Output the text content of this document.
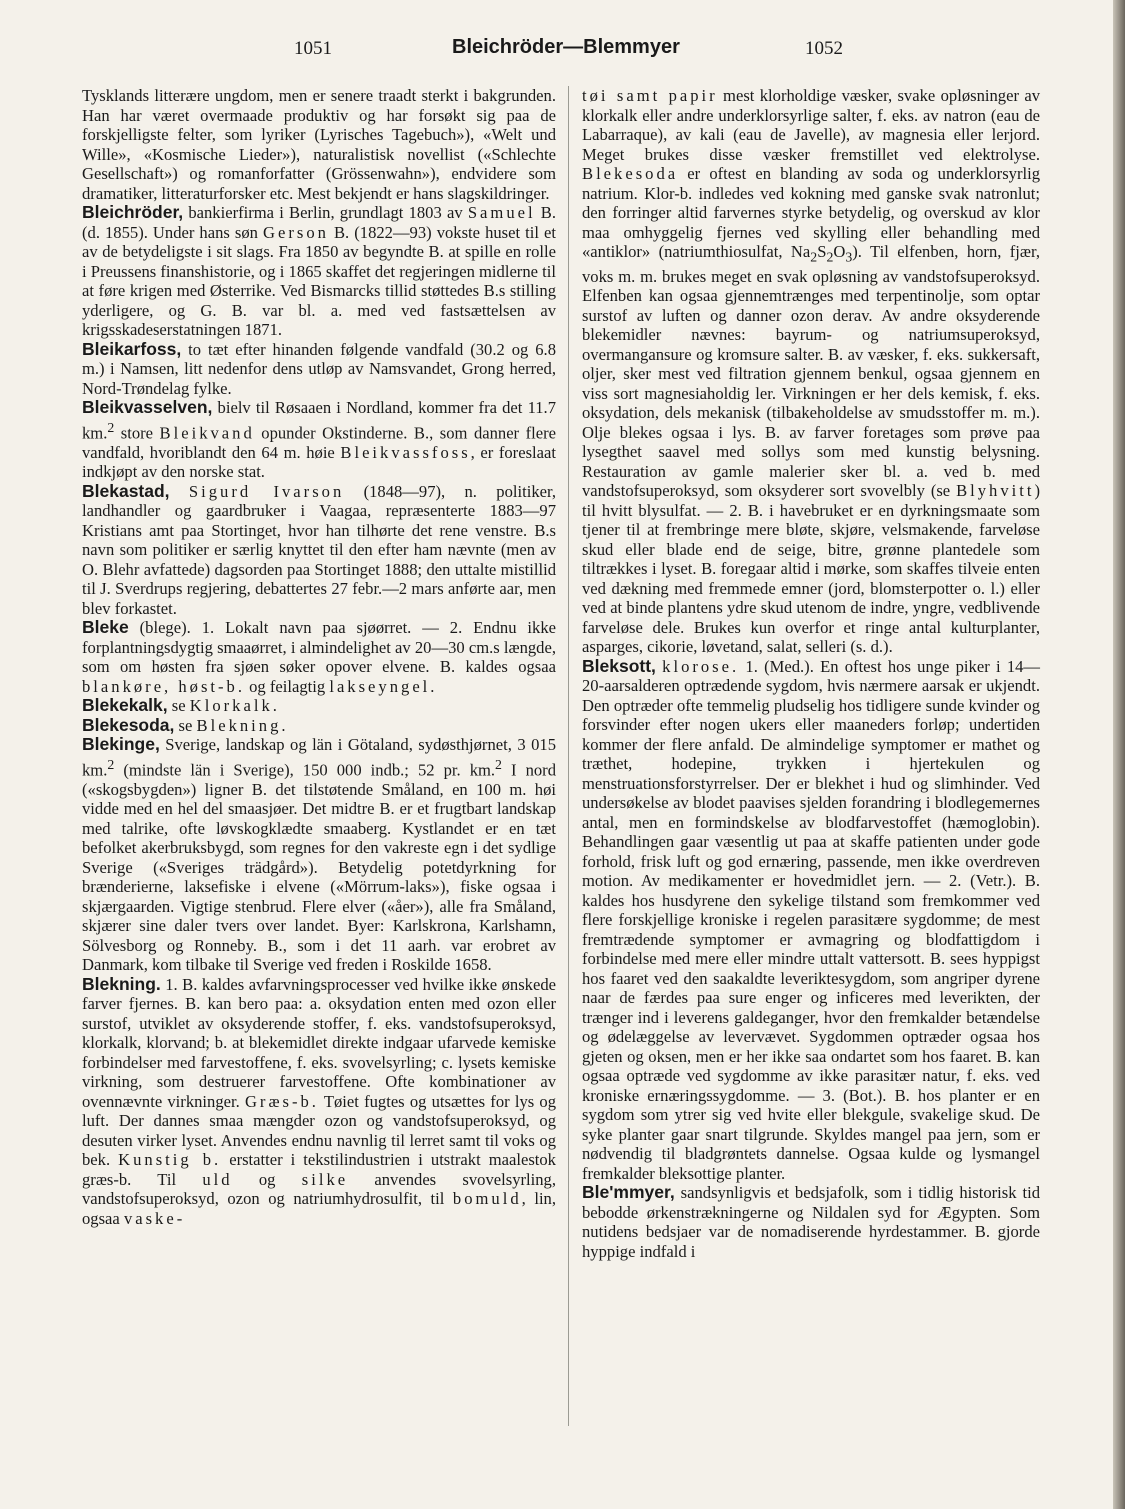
1051	Bleichröder—Blemmyer	1052

Tysklands litterære ungdom, men er senere traadt sterkt i bakgrunden. Han har været overmaade produktiv og har forsøkt sig paa de forskjelligste felter, som lyriker (Lyrisches Tagebuch»), «Welt und Wille», «Kosmische Lieder»), naturalistisk novellist («Schlechte Gesellschaft») og romanforfatter (Grössenwahn»), endvidere som dramatiker, litteraturforsker etc. Mest bekjendt er hans slagskildringer.

Bleichröder, bankierfirma i Berlin, grundlagt 1803 av Samuel B. (d. 1855). Under hans søn Gerson B. (1822—93) vokste huset til et av de betydeligste i sit slags. Fra 1850 av begyndte B. at spille en rolle i Preussens finanshistorie, og i 1865 skaffet det regjeringen midlerne til at føre krigen med Østerrike. Ved Bismarcks tillid støttedes B.s stilling yderligere, og G. B. var bl. a. med ved fastsættelsen av krigsskadeserstatningen 1871.

Bleikarfoss, to tæt efter hinanden følgende vandfald (30.2 og 6.8 m.) i Namsen, litt nedenfor dens utløp av Namsvandet, Grong herred, Nord-Trøndelag fylke.

Bleikvasselven, bielv til Røsaaen i Nordland, kommer fra det 11.7 km.$^2$ store Bleikvand opunder Okstinderne. B., som danner flere vandfald, hvoriblandt den 64 m. høie Bleikvassfoss, er foreslaat indkjøpt av den norske stat.

Blekastad, Sigurd Ivarson (1848—97), n. politiker, landhandler og gaardbruker i Vaagaa, repræsenterte 1883—97 Kristians amt paa Stortinget, hvor han tilhørte det rene venstre. B.s navn som politiker er særlig knyttet til den efter ham nævnte (men av O. Blehr avfattede) dagsorden paa Stortinget 1888; den uttalte mistillid til J. Sverdrups regjering, debattertes 27 febr.—2 mars anførte aar, men blev forkastet.

Bleke (blege). 1. Lokalt navn paa sjøørret. — 2. Endnu ikke forplantningsdygtig smaaørret, i almindelighet av 20—30 cm.s længde, som om høsten fra sjøen søker opover elvene. B. kaldes ogsaa blankøre, høst-b. og feilagtig lakseyngel.

Blekekalk, se Klorkalk.

Blekesoda, se Blekning.

Blekinge, Sverige, landskap og län i Götaland, sydøsthjørnet, 3 015 km.$^2$ (mindste län i Sverige), 150 000 indb.; 52 pr. km.$^2$ I nord («skogsbygden») ligner B. det tilstøtende Småland, en 100 m. høi vidde med en hel del smaasjøer. Det midtre B. er et frugtbart landskap med talrike, ofte løvskogklædte smaaberg. Kystlandet er en tæt befolket akerbruksbygd, som regnes for den vakreste egn i det sydlige Sverige («Sveriges trädgård»). Betydelig potetdyrkning for brænderierne, laksefiske i elvene («Mörrum-laks»), fiske ogsaa i skjærgaarden. Vigtige stenbrud. Flere elver («åer»), alle fra Småland, skjærer sine daler tvers over landet. Byer: Karlskrona, Karlshamn, Sölvesborg og Ronneby. B., som i det 11 aarh. var erobret av Danmark, kom tilbake til Sverige ved freden i Roskilde 1658.

Blekning. 1. B. kaldes avfarvningsprocesser ved hvilke ikke ønskede farver fjernes. B. kan bero paa: a. oksydation enten med ozon eller surstof, utviklet av oksyderende stoffer, f. eks. vandstofsuperoksyd, klorkalk, klorvand; b. at blekemidlet direkte indgaar ufarvede kemiske forbindelser med farvestoffene, f. eks. svovelsyrling; c. lysets kemiske virkning, som destruerer farvestoffene. Ofte kombinationer av ovennævnte virkninger. Græs-b. Tøiet fugtes og utsættes for lys og luft. Der dannes smaa mængder ozon og vandstofsuperoksyd, og desuten virker lyset. Anvendes endnu navnlig til lerret samt til voks og bek. Kunstig b. erstatter i tekstilindustrien i utstrakt maalestok græs-b. Til uld og silke anvendes svovelsyrling, vandstofsuperoksyd, ozon og natriumhydrosulfit, til bomuld, lin, ogsaa vaske-

tøi samt papir mest klorholdige væsker, svake opløsninger av klorkalk eller andre underklorsyrlige salter, f. eks. av natron (eau de Labarraque), av kali (eau de Javelle), av magnesia eller lerjord. Meget brukes disse væsker fremstillet ved elektrolyse. Blekesoda er oftest en blanding av soda og underklorsyrlig natrium. Klor-b. indledes ved kokning med ganske svak natronlut; den forringer altid farvernes styrke betydelig, og overskud av klor maa omhyggelig fjernes ved skylling eller behandling med «antiklor» (natriumthiosulfat, $Na_2S_2O_3$). Til elfenben, horn, fjær, voks m. m. brukes meget en svak opløsning av vandstofsuperoksyd. Elfenben kan ogsaa gjennemtrænges med terpentinolje, som optar surstof av luften og danner ozon derav. Av andre oksyderende blekemidler nævnes: bayrum- og natriumsuperoksyd, overmangansure og kromsure salter. B. av væsker, f. eks. sukkersaft, oljer, sker mest ved filtration gjennem benkul, ogsaa gjennem en viss sort magnesiaholdig ler. Virkningen er her dels kemisk, f. eks. oksydation, dels mekanisk (tilbakeholdelse av smudsstoffer m. m.). Olje blekes ogsaa i lys. B. av farver foretages som prøve paa lysegthet saavel med sollys som med kunstig belysning. Restauration av gamle malerier sker bl. a. ved b. med vandstofsuperoksyd, som oksyderer sort svovelbly (se Blyhvitt) til hvitt blysulfat. — 2. B. i havebruket er en dyrkningsmaate som tjener til at frembringe mere bløte, skjøre, velsmakende, farveløse skud eller blade end de seige, bitre, grønne plantedele som tiltrækkes i lyset. B. foregaar altid i mørke, som skaffes tilveie enten ved dækning med fremmede emner (jord, blomsterpotter o. l.) eller ved at binde plantens ydre skud utenom de indre, yngre, vedblivende farveløse dele. Brukes kun overfor et ringe antal kulturplanter, asparges, cikorie, løvetand, salat, selleri (s. d.).

Bleksott, klorose. 1. (Med.). En oftest hos unge piker i 14—20-aarsalderen optrædende sygdom, hvis nærmere aarsak er ukjendt. Den optræder ofte temmelig pludselig hos tidligere sunde kvinder og forsvinder efter nogen ukers eller maaneders forløp; undertiden kommer der flere anfald. De almindelige symptomer er mathet og træthet, hodepine, trykken i hjertekulen og menstruationsforstyrrelser. Der er blekhet i hud og slimhinder. Ved undersøkelse av blodet paavises sjelden forandring i blodlegemernes antal, men en formindskelse av blodfarvestoffet (hæmoglobin). Behandlingen gaar væsentlig ut paa at skaffe patienten under gode forhold, frisk luft og god ernæring, passende, men ikke overdreven motion. Av medikamenter er hovedmidlet jern. — 2. (Vetr.). B. kaldes hos husdyrene den sykelige tilstand som fremkommer ved flere forskjellige kroniske i regelen parasitære sygdomme; de mest fremtrædende symptomer er avmagring og blodfattigdom i forbindelse med mere eller mindre uttalt vattersott. B. sees hyppigst hos faaret ved den saakaldte leveriktesygdom, som angriper dyrene naar de færdes paa sure enger og inficeres med leverikten, der trænger ind i leverens galdeganger, hvor den fremkalder betændelse og ødelæggelse av levervævet. Sygdommen optræder ogsaa hos gjeten og oksen, men er her ikke saa ondartet som hos faaret. B. kan ogsaa optræde ved sygdomme av ikke parasitær natur, f. eks. ved kroniske ernæringssygdomme. — 3. (Bot.). B. hos planter er en sygdom som ytrer sig ved hvite eller blekgule, svakelige skud. De syke planter gaar snart tilgrunde. Skyldes mangel paa jern, som er nødvendig til bladgrøntets dannelse. Ogsaa kulde og lysmangel fremkalder bleksottige planter.

Ble'mmyer, sandsynligvis et bedsjafolk, som i tidlig historisk tid bebodde ørkenstrækningerne og Nildalen syd for Ægypten. Som nutidens bedsjaer var de nomadiserende hyrdestammer. B. gjorde hyppige indfald i
